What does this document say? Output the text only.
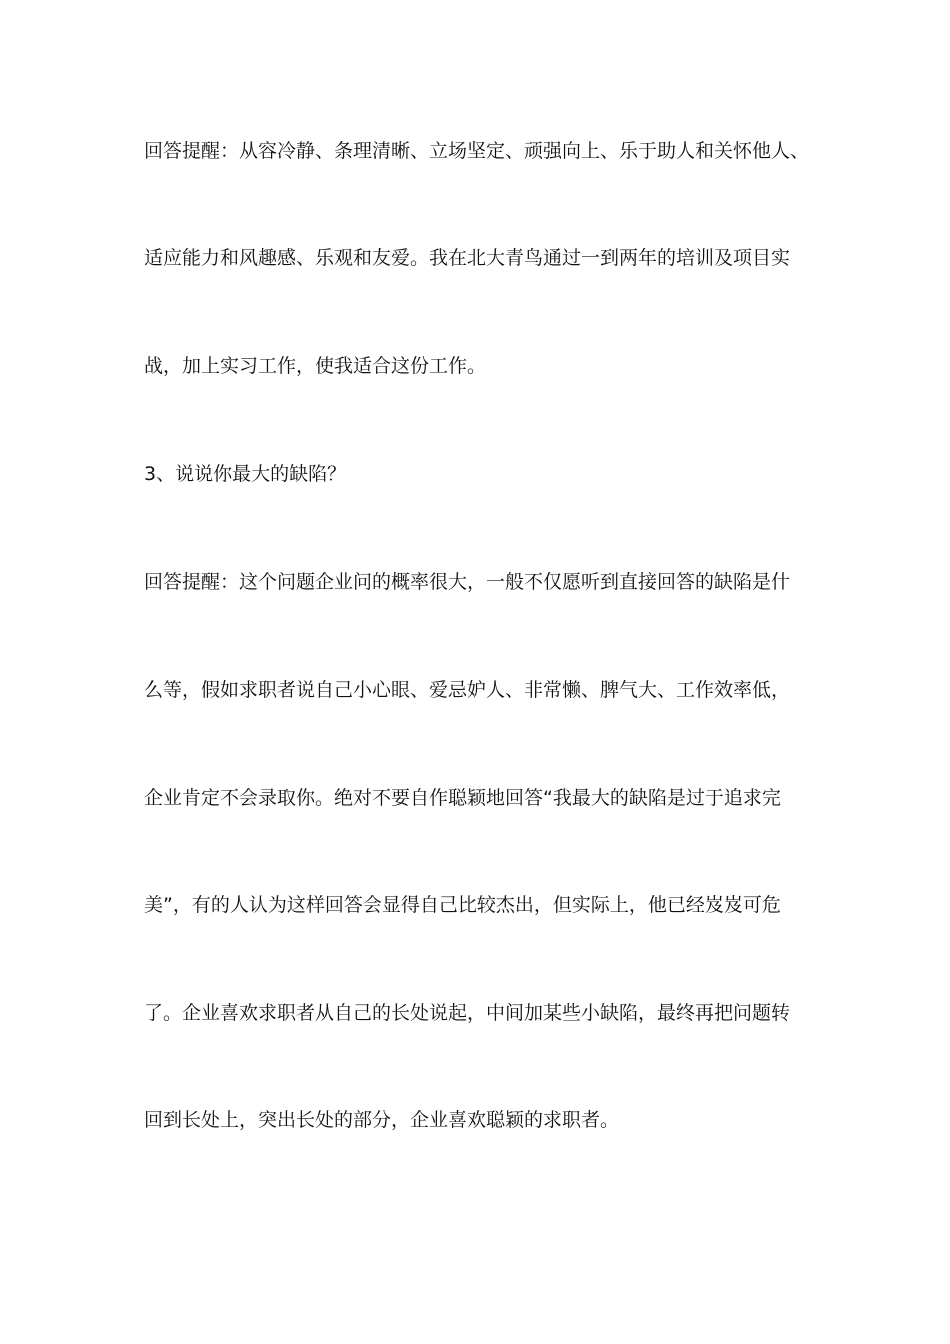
回答提醒：从容冷静、条理清晰、立场坚定、顽强向上、乐于助人和关怀他人、
适应能力和风趣感、乐观和友爱。我在北大青鸟通过一到两年的培训及项目实
战，加上实习工作，使我适合这份工作。
3、说说你最大的缺陷？
回答提醒：这个问题企业问的概率很大，一般不仅愿听到直接回答的缺陷是什
么等，假如求职者说自己小心眼、爱忌妒人、非常懒、脾气大、工作效率低，
企业肯定不会录取你。绝对不要自作聪颖地回答“我最大的缺陷是过于追求完
美”，有的人认为这样回答会显得自己比较杰出，但实际上，他已经岌岌可危
了。企业喜欢求职者从自己的长处说起，中间加某些小缺陷，最终再把问题转
回到长处上，突出长处的部分，企业喜欢聪颖的求职者。
